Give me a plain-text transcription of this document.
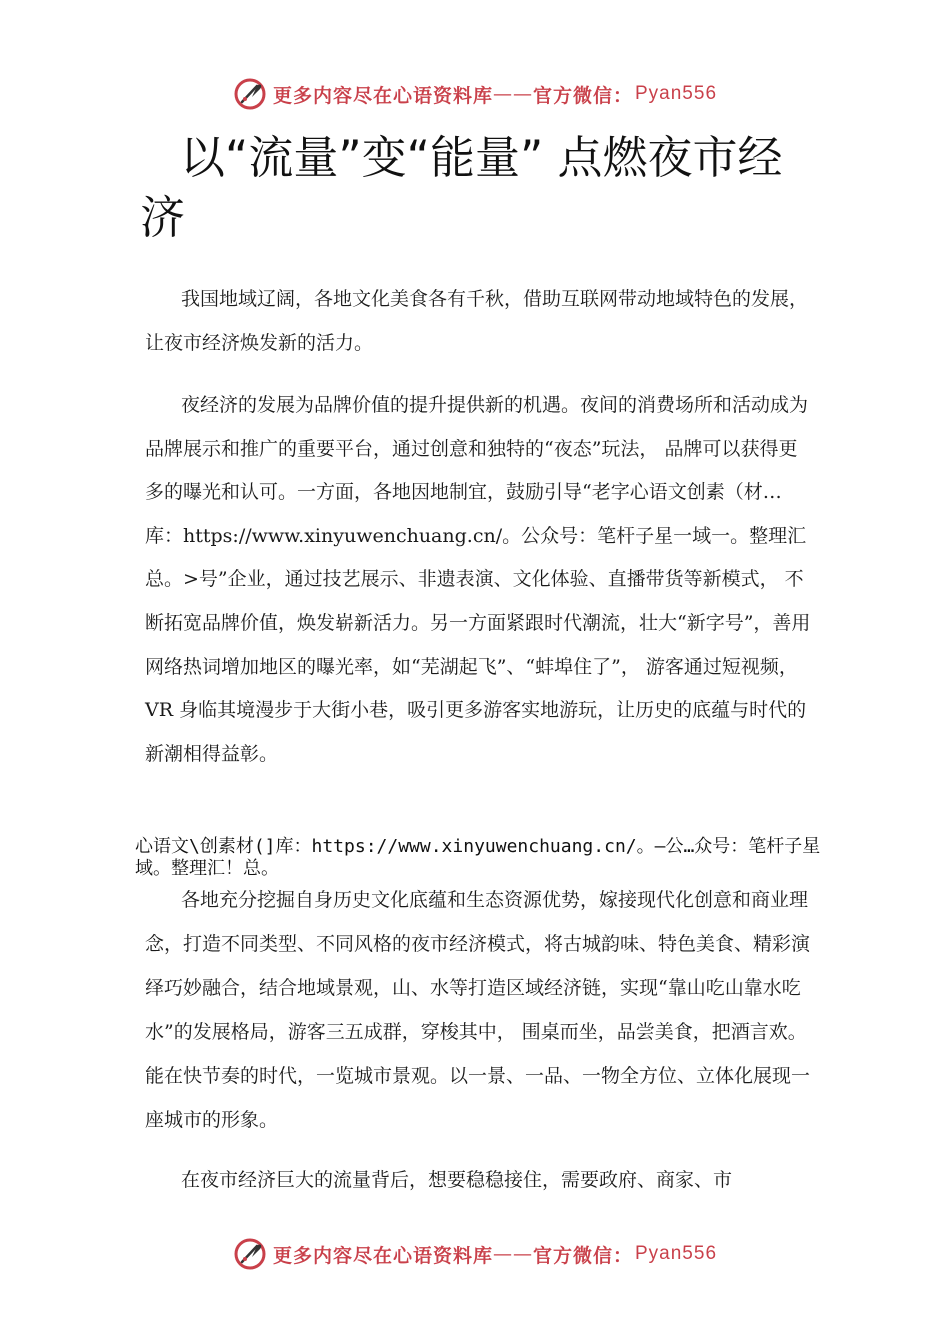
更多内容尽在心语资料库 —— 官方微信： Pyan556
以“流量”变“能量” 点燃夜市经济

我国地域辽阔，各地文化美食各有千秋，借助互联网带动地域特色的发展，让夜市经济焕发新的活力。

夜经济的发展为品牌价值的提升提供新的机遇。夜间的消费场所和活动成为品牌展示和推广的重要平台，通过创意和独特的“夜态”玩法， 品牌可以获得更多的曝光和认可。一方面，各地因地制宜，鼓励引导“老字心语文创素（材…库：https://www.xinyuwenchuang.cn/。公众号：笔杆子星一域一。整理汇总。>号”企业，通过技艺展示、非遗表演、文化体验、直播带货等新模式， 不断拓宽品牌价值，焕发崭新活力。另一方面紧跟时代潮流，壮大“新字号”，善用网络热词增加地区的曝光率，如“芜湖起飞”、“蚌埠住了”， 游客通过短视频，VR 身临其境漫步于大街小巷，吸引更多游客实地游玩，让历史的底蕴与时代的新潮相得益彰。

心语文\创素材(]库：https://www.xinyuwenchuang.cn/。—公…众号：笔杆子星域。整理汇！总。

各地充分挖掘自身历史文化底蕴和生态资源优势，嫁接现代化创意和商业理念，打造不同类型、不同风格的夜市经济模式，将古城韵味、特色美食、精彩演绎巧妙融合，结合地域景观，山、水等打造区域经济链，实现“靠山吃山靠水吃水”的发展格局，游客三五成群，穿梭其中， 围桌而坐，品尝美食，把酒言欢。能在快节奏的时代，一览城市景观。以一景、一品、一物全方位、立体化展现一座城市的形象。

在夜市经济巨大的流量背后，想要稳稳接住，需要政府、商家、市

更多内容尽在心语资料库 —— 官方微信： Pyan556
